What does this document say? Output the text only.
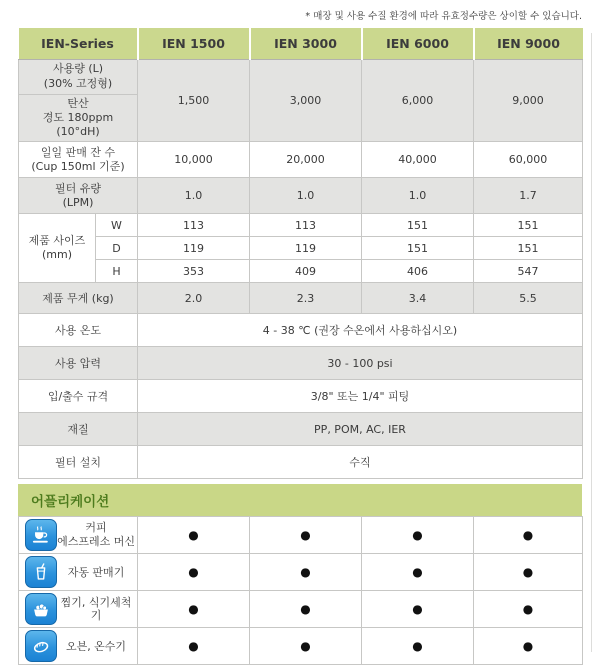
* 매장 및 사용 수질 환경에 따라 유효정수량은 상이할 수 있습니다.
IEN-Series		IEN 1500	IEN 3000	IEN 6000	IEN 9000

사용량 (L)
(30% 고정형)		1,500	3,000	6,000	9,000

탄산
경도 180ppm (10°dH)					

일일 판매 잔 수
(Cup 150ml 기준)		10,000	20,000	40,000	60,000

필터 유량
(LPM)		1.0	1.0	1.0	1.7

제품 사이즈
(mm)	W	113	113	151	151
	D	119	119	151	151
	H	353	409	406	547
제품 무게 (kg)		2.0	2.3	3.4	5.5
사용 온도		4 - 38 ℃ (권장 수온에서 사용하십시오)			
사용 압력		30 - 100 psi			
입/출수 규격		3/8" 또는 1/4" 피팅			
재질		PP, POM, AC, IER			
필터 설치		수직			
어플리케이션
커피
에스프레소 머신	●	●	●	●

자동 판매기	●	●	●	●

찜기, 식기세척기	●	●	●	●

오븐, 온수기	●	●	●	●
